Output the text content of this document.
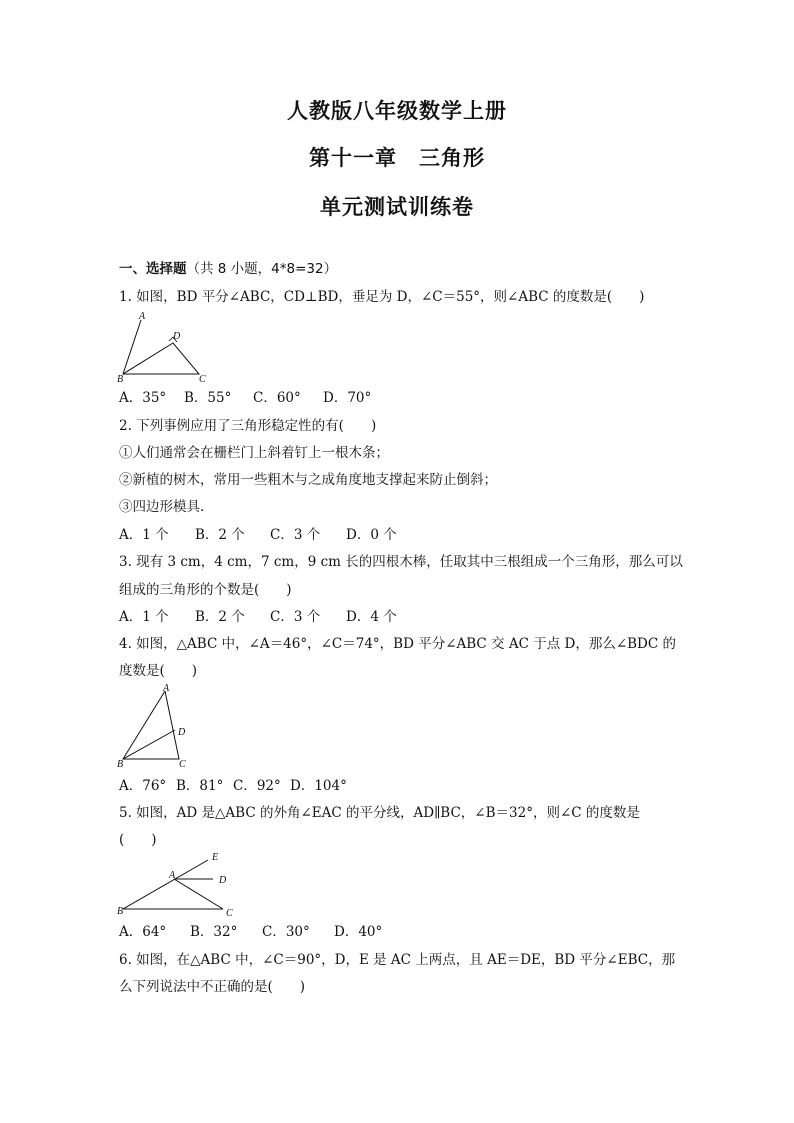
人教版八年级数学上册
第十一章　三角形
单元测试训练卷
一、选择题（共 8 小题，4*8=32）
1. 如图，BD 平分∠ABC，CD⊥BD，垂足为 D，∠C＝55°，则∠ABC 的度数是(　　)
A
D
B	C
A．35° B．55° C．60° D．70°
2. 下列事例应用了三角形稳定性的有(　　)
①人们通常会在栅栏门上斜着钉上一根木条；
②新植的树木，常用一些粗木与之成角度地支撑起来防止倒斜；
③四边形模具.
A．1 个 B．2 个 C．3 个 D．0 个
3. 现有 3 cm，4 cm，7 cm，9 cm 长的四根木棒，任取其中三根组成一个三角形，那么可以
组成的三角形的个数是(　　)
A．1 个 B．2 个 C．3 个 D．4 个
4. 如图，△ABC 中，∠A＝46°，∠C＝74°，BD 平分∠ABC 交 AC 于点 D，那么∠BDC 的
度数是(　　)
A
D
B	C
A．76° B．81° C．92° D．104°
5. 如图，AD 是△ABC 的外角∠EAC 的平分线，AD∥BC，∠B＝32°，则∠C 的度数是
(　　)
E
A	D
B	C
A．64° B．32° C．30° D．40°
6. 如图，在△ABC 中，∠C＝90°，D，E 是 AC 上两点，且 AE＝DE，BD 平分∠EBC，那
么下列说法中不正确的是(　　)
